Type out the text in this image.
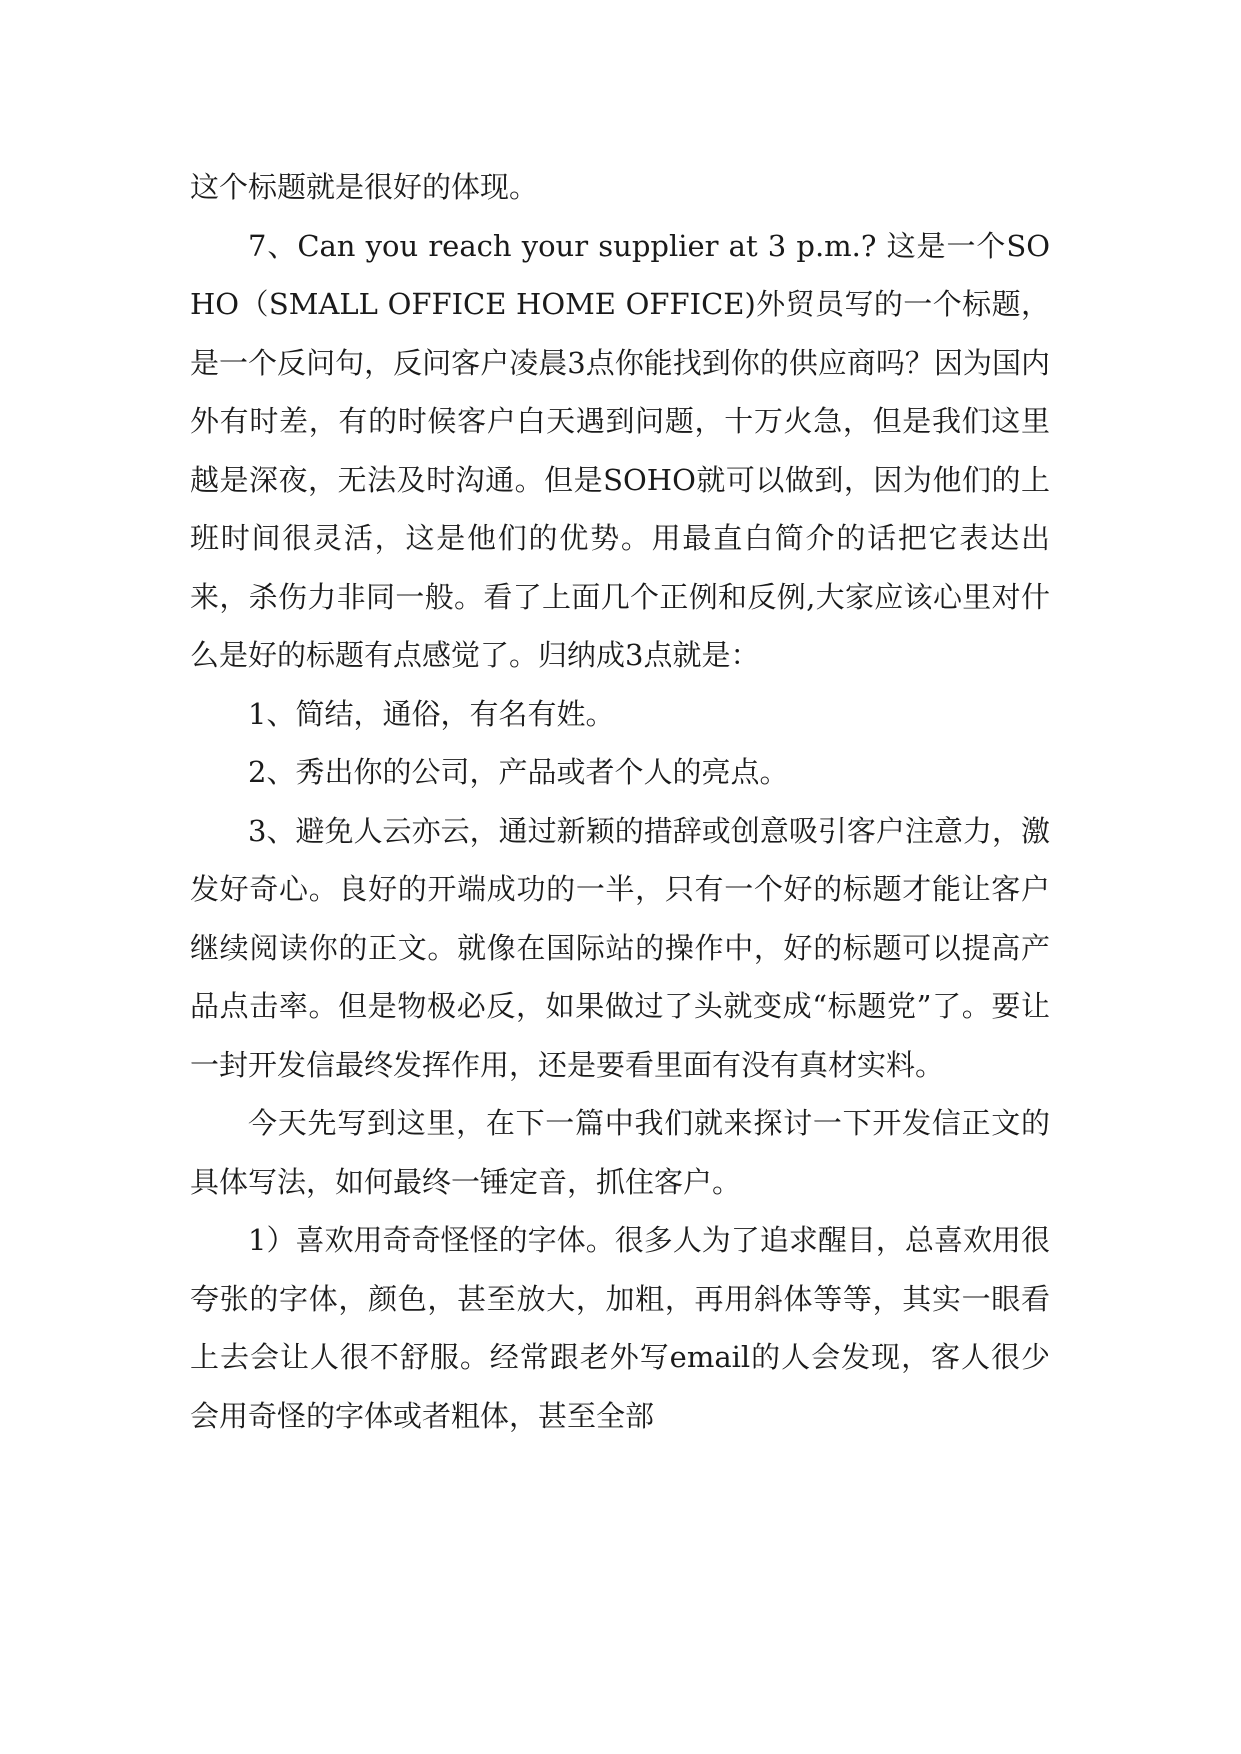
这个标题就是很好的体现。

7、Can you reach your supplier at 3 p.m.? 这是一个SOHO（SMALL OFFICE HOME OFFICE)外贸员写的一个标题，是一个反问句，反问客户凌晨3点你能找到你的供应商吗？因为国内外有时差，有的时候客户白天遇到问题，十万火急，但是我们这里越是深夜，无法及时沟通。但是SOHO就可以做到，因为他们的上班时间很灵活，这是他们的优势。用最直白简介的话把它表达出来，杀伤力非同一般。看了上面几个正例和反例,大家应该心里对什么是好的标题有点感觉了。归纳成3点就是：

1、简结，通俗，有名有姓。

2、秀出你的公司，产品或者个人的亮点。

3、避免人云亦云，通过新颖的措辞或创意吸引客户注意力，激发好奇心。良好的开端成功的一半，只有一个好的标题才能让客户继续阅读你的正文。就像在国际站的操作中，好的标题可以提高产品点击率。但是物极必反，如果做过了头就变成“标题党”了。要让一封开发信最终发挥作用，还是要看里面有没有真材实料。

今天先写到这里，在下一篇中我们就来探讨一下开发信正文的具体写法，如何最终一锤定音，抓住客户。

1）喜欢用奇奇怪怪的字体。很多人为了追求醒目，总喜欢用很夸张的字体，颜色，甚至放大，加粗，再用斜体等等，其实一眼看上去会让人很不舒服。经常跟老外写email的人会发现，客人很少会用奇怪的字体或者粗体，甚至全部
